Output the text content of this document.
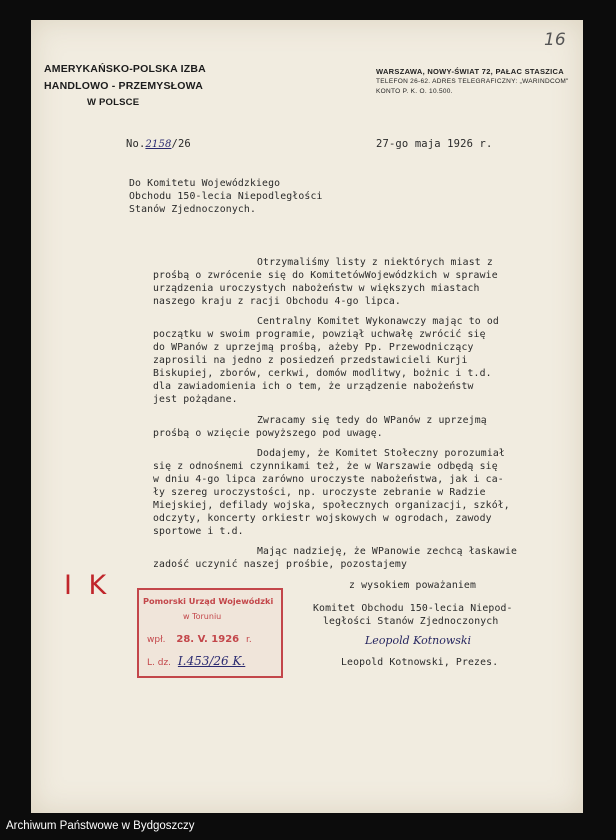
AMERYKAŃSKO-POLSKA IZBA
HANDLOWO - PRZEMYSŁOWA
W POLSCE
WARSZAWA, NOWY-ŚWIAT 72, PAŁAC STASZICA
TELEFON 26-62. ADRES TELEGRAFICZNY: „WARINDCOM"
KONTO P. K. O. 10.500.
16
No.2158/26	27-go maja 1926 r.
Do Komitetu Wojewódzkiego
Obchodu 150-lecia Niepodległości
Stanów Zjednoczonych.
Otrzymaliśmy listy z niektórych miast z
prośbą o zwrócenie się do KomitetówWojewódzkich w sprawie
urządzenia uroczystych nabożeństw w większych miastach
naszego kraju z racji Obchodu 4-go lipca.
Centralny Komitet Wykonawczy mając to od
początku w swoim programie, powziął uchwałę zwrócić się
do WPanów z uprzejmą prośbą, ażeby Pp. Przewodniczący
zaprosili na jedno z posiedzeń przedstawicieli Kurji
Biskupiej, zborów, cerkwi, domów modlitwy, bożnic i t.d.
dla zawiadomienia ich o tem, że urządzenie nabożeństw
jest pożądane.
Zwracamy się tedy do WPanów z uprzejmą
prośbą o wzięcie powyższego pod uwagę.
Dodajemy, że Komitet Stołeczny porozumiał
się z odnośnemi czynnikami też, że w Warszawie odbędą się
w dniu 4-go lipca zarówno uroczyste nabożeństwa, jak i ca-
ły szereg uroczystości, np. uroczyste zebranie w Radzie
Miejskiej, defilady wojska, społecznych organizacji, szkół,
odczyty, koncerty orkiestr wojskowych w ogrodach, zawody
sportowe i t.d.
Mając nadzieję, że WPanowie zechcą łaskawie
zadość uczynić naszej prośbie, pozostajemy
z wysokiem poważaniem
Komitet Obchodu 150-lecia Niepod-
ległości Stanów Zjednoczonych
Leopold Kotnowski
Leopold Kotnowski, Prezes.
I K	Pomorski Urząd Wojewódzki
w Toruniu
wpł. 28. V. 1926 r.
L. dz. I.453/26 K.
Archiwum Państwowe w Bydgoszczy
